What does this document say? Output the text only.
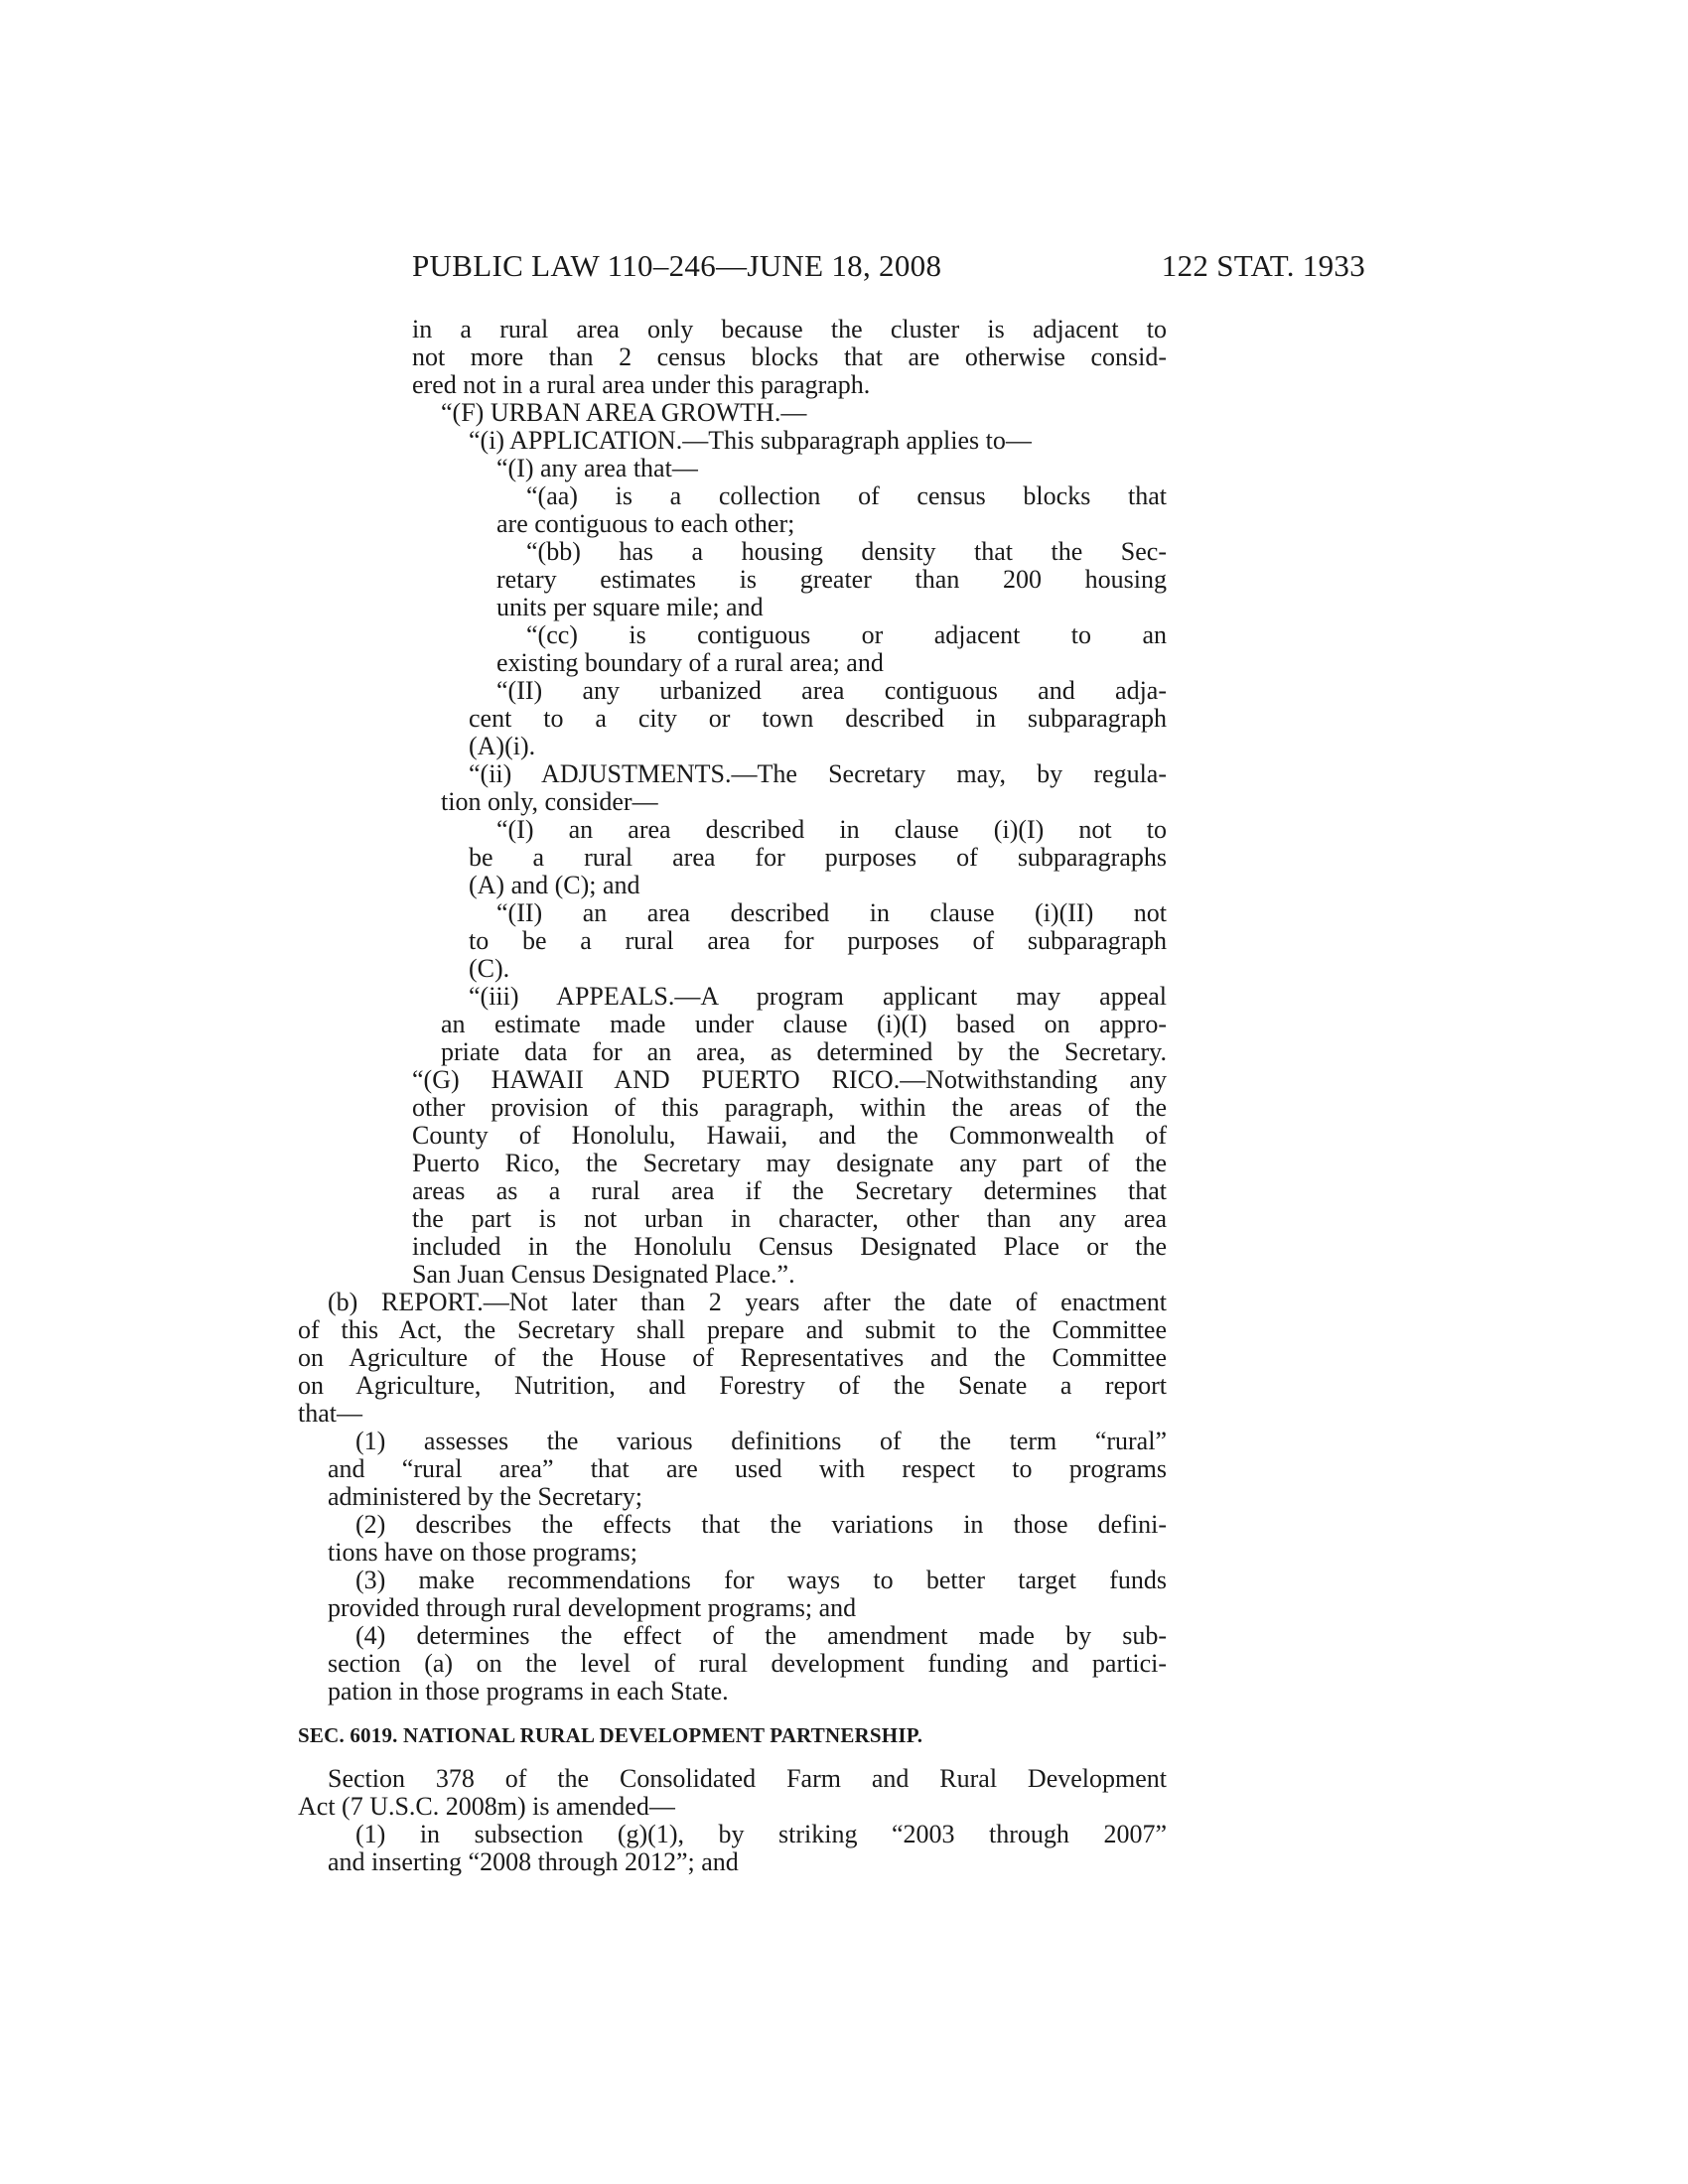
PUBLIC LAW 110–246—JUNE 18, 2008	122 STAT. 1933
in a rural area only because the cluster is adjacent to
not more than 2 census blocks that are otherwise consid-
ered not in a rural area under this paragraph.
“(F) URBAN AREA GROWTH.—
“(i) APPLICATION.—This subparagraph applies to—
“(I) any area that—
“(aa) is a collection of census blocks that
are contiguous to each other;
“(bb) has a housing density that the Sec-
retary estimates is greater than 200 housing
units per square mile; and
“(cc) is contiguous or adjacent to an
existing boundary of a rural area; and
“(II) any urbanized area contiguous and adja-
cent to a city or town described in subparagraph
(A)(i).
“(ii) ADJUSTMENTS.—The Secretary may, by regula-
tion only, consider—
“(I) an area described in clause (i)(I) not to
be a rural area for purposes of subparagraphs
(A) and (C); and
“(II) an area described in clause (i)(II) not
to be a rural area for purposes of subparagraph
(C).
“(iii) APPEALS.—A program applicant may appeal
an estimate made under clause (i)(I) based on appro-
priate data for an area, as determined by the Secretary.
“(G) HAWAII AND PUERTO RICO.—Notwithstanding any
other provision of this paragraph, within the areas of the
County of Honolulu, Hawaii, and the Commonwealth of
Puerto Rico, the Secretary may designate any part of the
areas as a rural area if the Secretary determines that
the part is not urban in character, other than any area
included in the Honolulu Census Designated Place or the
San Juan Census Designated Place.”.
(b) REPORT.—Not later than 2 years after the date of enactment
of this Act, the Secretary shall prepare and submit to the Committee
on Agriculture of the House of Representatives and the Committee
on Agriculture, Nutrition, and Forestry of the Senate a report
that—
(1) assesses the various definitions of the term “rural”
and “rural area” that are used with respect to programs
administered by the Secretary;
(2) describes the effects that the variations in those defini-
tions have on those programs;
(3) make recommendations for ways to better target funds
provided through rural development programs; and
(4) determines the effect of the amendment made by sub-
section (a) on the level of rural development funding and partici-
pation in those programs in each State.
SEC. 6019. NATIONAL RURAL DEVELOPMENT PARTNERSHIP.
Section 378 of the Consolidated Farm and Rural Development
Act (7 U.S.C. 2008m) is amended—
(1) in subsection (g)(1), by striking “2003 through 2007”
and inserting “2008 through 2012”; and
